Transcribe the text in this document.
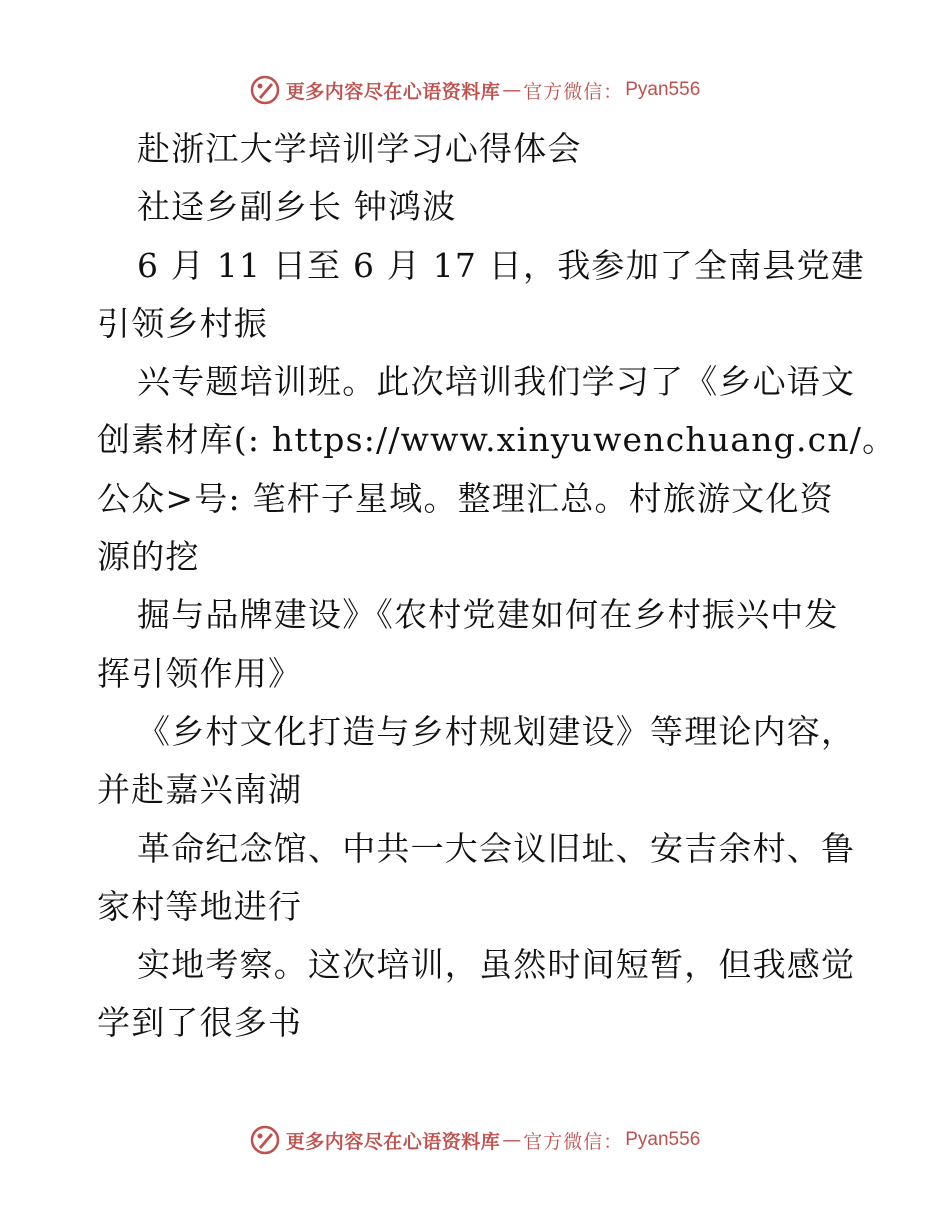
更多内容尽在心语资料库 — 官方微信： Pyan556
赴浙江大学培训学习心得体会
社迳乡副乡长 钟鸿波
6 月 11 日至 6 月 17 日，我参加了全南县党建
引领乡村振
兴专题培训班。此次培训我们学习了《乡心语文
创素材库(: https://www.xinyuwenchuang.cn/。
公众>号: 笔杆子星域。整理汇总。村旅游文化资
源的挖
掘与品牌建设》《农村党建如何在乡村振兴中发
挥引领作用》
《乡村文化打造与乡村规划建设》等理论内容，
并赴嘉兴南湖
革命纪念馆、中共一大会议旧址、安吉余村、鲁
家村等地进行
实地考察。这次培训，虽然时间短暂，但我感觉
学到了很多书
更多内容尽在心语资料库 — 官方微信： Pyan556
